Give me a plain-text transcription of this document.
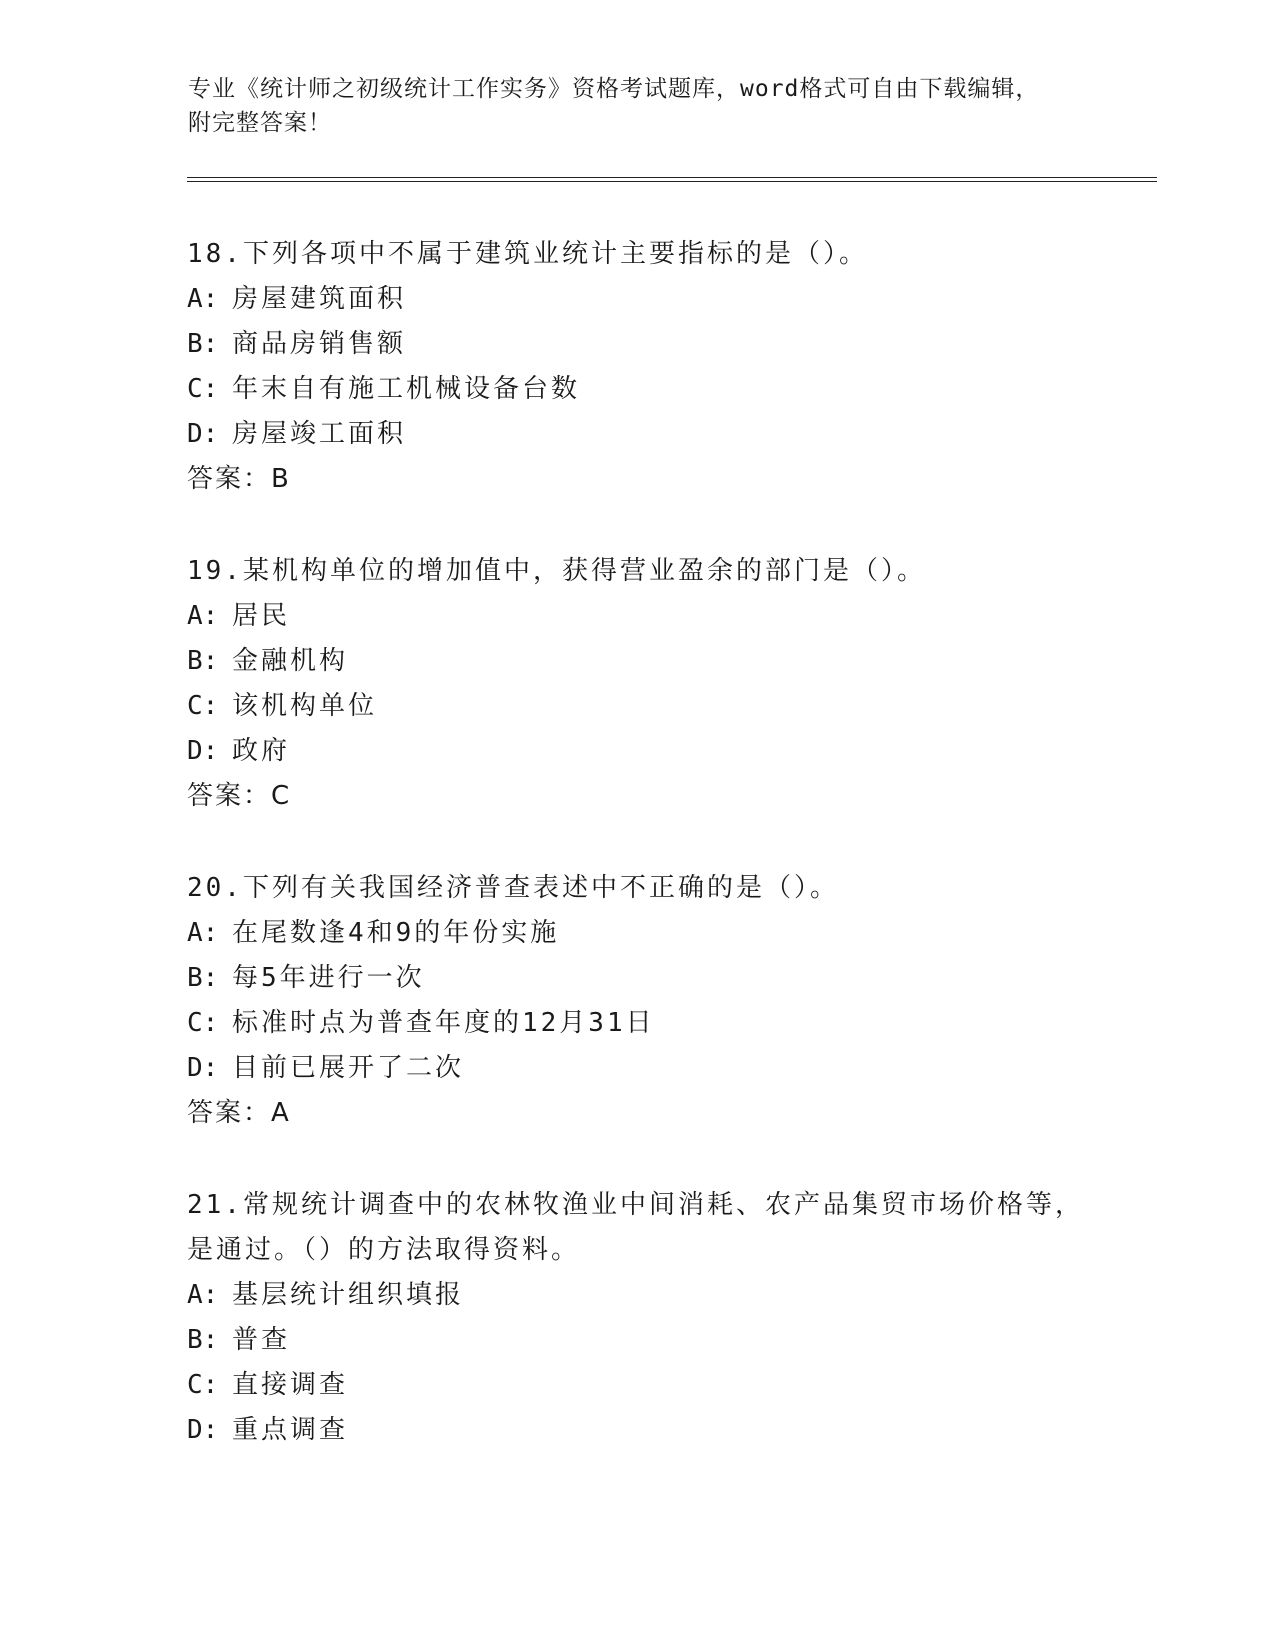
专业《统计师之初级统计工作实务》资格考试题库，word格式可自由下载编辑，
附完整答案！
18.下列各项中不属于建筑业统计主要指标的是（）。
A: 房屋建筑面积
B: 商品房销售额
C: 年末自有施工机械设备台数
D: 房屋竣工面积
答案：B
19.某机构单位的增加值中，获得营业盈余的部门是（）。
A: 居民
B: 金融机构
C: 该机构单位
D: 政府
答案：C
20.下列有关我国经济普查表述中不正确的是（）。
A: 在尾数逢4和9的年份实施
B: 每5年进行一次
C: 标准时点为普查年度的12月31日
D: 目前已展开了二次
答案：A
21.常规统计调查中的农林牧渔业中间消耗、农产品集贸市场价格等，
是通过。（）的方法取得资料。
A: 基层统计组织填报
B: 普查
C: 直接调查
D: 重点调查
